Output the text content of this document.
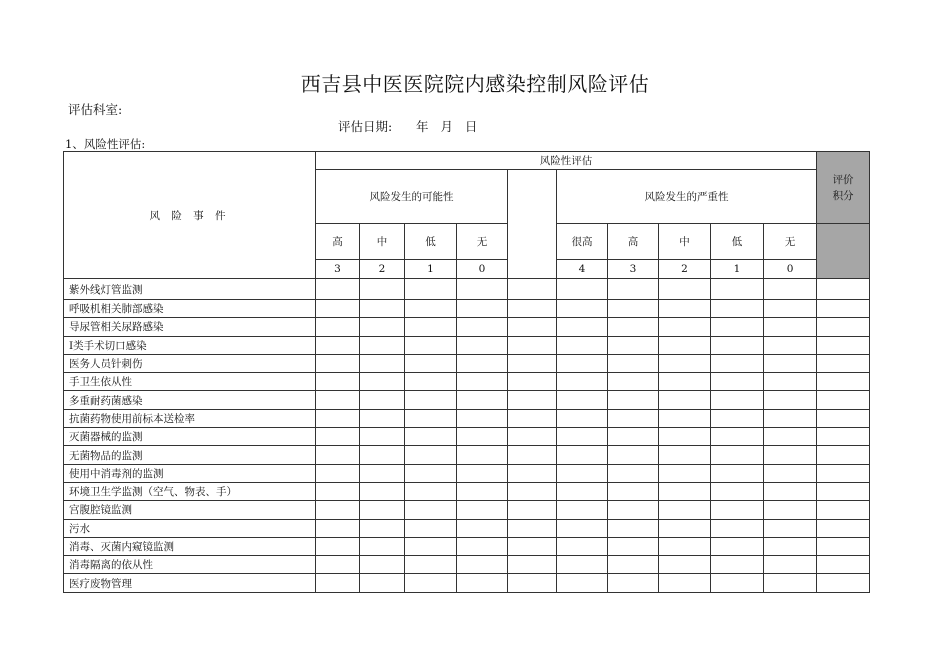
西吉县中医医院院内感染控制风险评估
评估科室:
评估日期:      年   月   日
1、风险性评估:
风 险 事 件	风险性评估										评价
积分	
	风险发生的可能性					风险发生的严重性						
	高	中	低	无		很高	高	中	低	无		
	3	2	1	0		4	3	2	1	0		
紫外线灯管监测												
呼吸机相关肺部感染												
导尿管相关尿路感染												
Ⅰ类手术切口感染												
医务人员针刺伤												
手卫生依从性												
多重耐药菌感染												
抗菌药物使用前标本送检率												
灭菌器械的监测												
无菌物品的监测												
使用中消毒剂的监测												
环境卫生学监测（空气、物表、手）												
宫腹腔镜监测												
污水												
消毒、灭菌内窥镜监测												
消毒隔离的依从性												
医疗废物管理												
